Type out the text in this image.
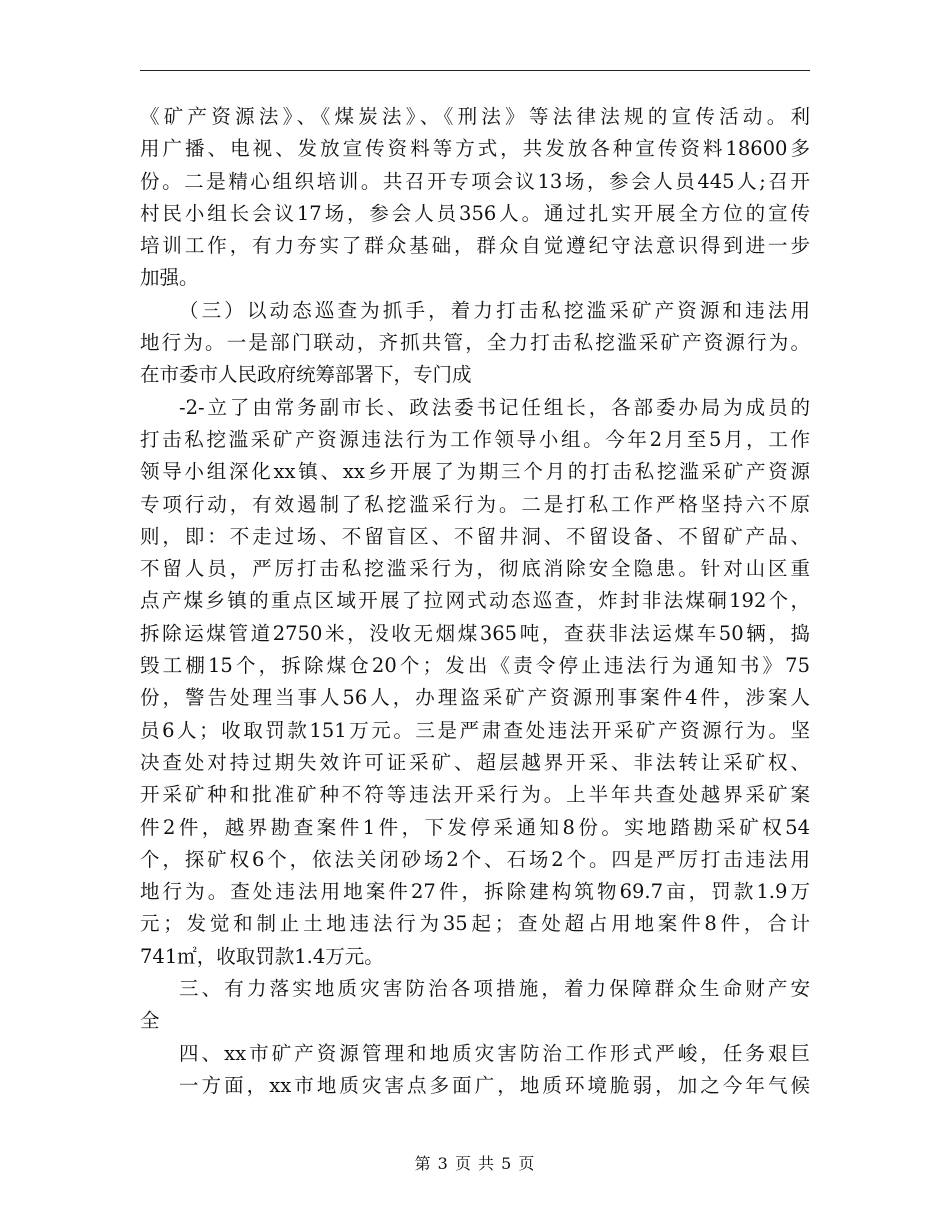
《矿产资源法》、《煤炭法》、《刑法》等法律法规的宣传活动。利
用广播、电视、发放宣传资料等方式，共发放各种宣传资料18600多
份。二是精心组织培训。共召开专项会议13场，参会人员445人;召开
村民小组长会议17场，参会人员356人。通过扎实开展全方位的宣传
培训工作，有力夯实了群众基础，群众自觉遵纪守法意识得到进一步
加强。
（三）以动态巡查为抓手，着力打击私挖滥采矿产资源和违法用
地行为。一是部门联动，齐抓共管，全力打击私挖滥采矿产资源行为。
在市委市人民政府统筹部署下，专门成
-2-立了由常务副市长、政法委书记任组长，各部委办局为成员的
打击私挖滥采矿产资源违法行为工作领导小组。今年2月至5月，工作
领导小组深化xx镇、xx乡开展了为期三个月的打击私挖滥采矿产资源
专项行动，有效遏制了私挖滥采行为。二是打私工作严格坚持六不原
则，即：不走过场、不留盲区、不留井洞、不留设备、不留矿产品、
不留人员，严厉打击私挖滥采行为，彻底消除安全隐患。针对山区重
点产煤乡镇的重点区域开展了拉网式动态巡查，炸封非法煤硐192个，
拆除运煤管道2750米，没收无烟煤365吨，查获非法运煤车50辆，捣
毁工棚15个，拆除煤仓20个；发出《责令停止违法行为通知书》75
份，警告处理当事人56人，办理盗采矿产资源刑事案件4件，涉案人
员6人；收取罚款151万元。三是严肃查处违法开采矿产资源行为。坚
决查处对持过期失效许可证采矿、超层越界开采、非法转让采矿权、
开采矿种和批准矿种不符等违法开采行为。上半年共查处越界采矿案
件2件，越界勘查案件1件，下发停采通知8份。实地踏勘采矿权54
个，探矿权6个，依法关闭砂场2个、石场2个。四是严厉打击违法用
地行为。查处违法用地案件27件，拆除建构筑物69.7亩，罚款1.9万
元；发觉和制止土地违法行为35起；查处超占用地案件8件，合计
741㎡，收取罚款1.4万元。
三、有力落实地质灾害防治各项措施，着力保障群众生命财产安
全
四、xx市矿产资源管理和地质灾害防治工作形式严峻，任务艰巨
一方面，xx市地质灾害点多面广，地质环境脆弱，加之今年气候
第 3 页 共 5 页
